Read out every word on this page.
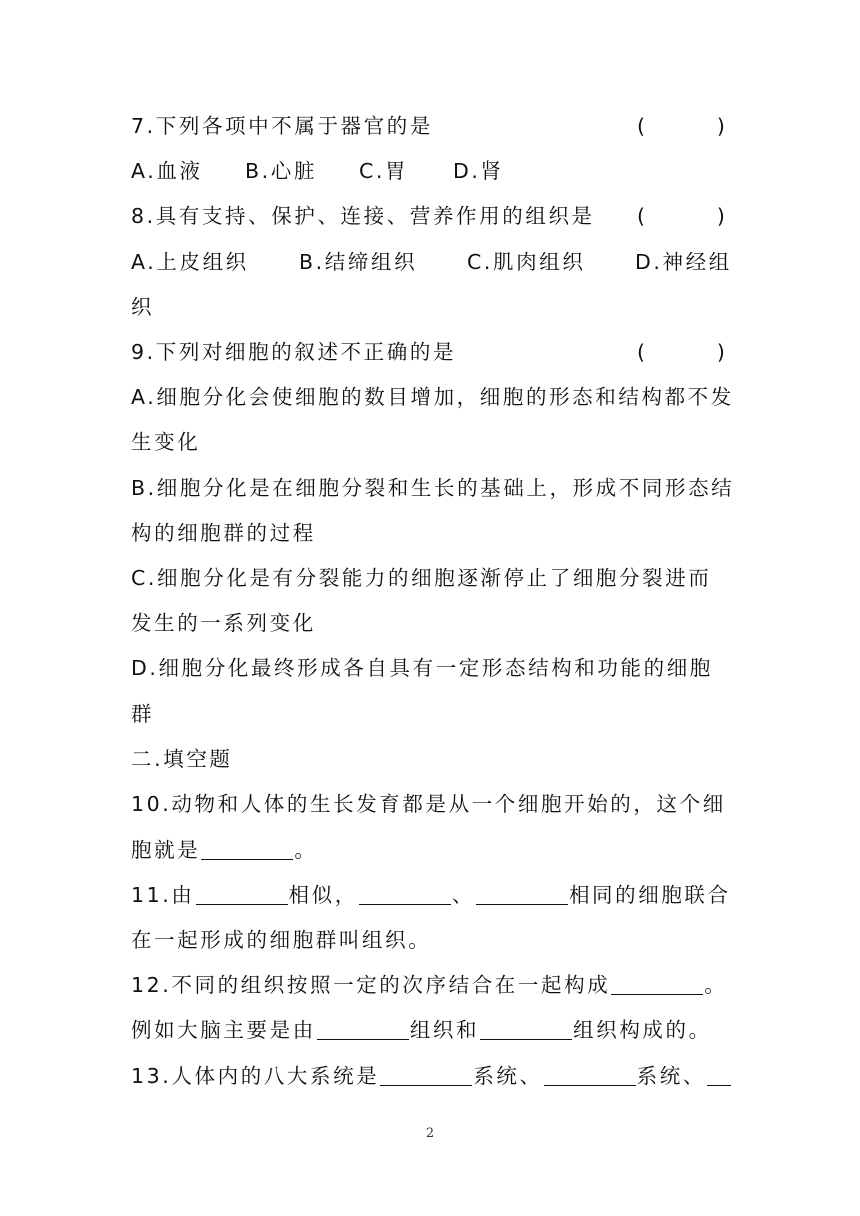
7.下列各项中不属于器官的是	(　　　)
A.血液 B.心脏 C.胃 D.肾
8.具有支持、保护、连接、营养作用的组织是 (　　　)
A.上皮组织 B.结缔组织 C.肌肉组织 D.神经组
织
9.下列对细胞的叙述不正确的是	(　　　)
A.细胞分化会使细胞的数目增加，细胞的形态和结构都不发
生变化
B.细胞分化是在细胞分裂和生长的基础上，形成不同形态结
构的细胞群的过程
C.细胞分化是有分裂能力的细胞逐渐停止了细胞分裂进而
发生的一系列变化
D.细胞分化最终形成各自具有一定形态结构和功能的细胞
群
二.填空题
10.动物和人体的生长发育都是从一个细胞开始的，这个细
胞就是	。
11.由	相似，	、	相同的细胞联合
在一起形成的细胞群叫组织。
12.不同的组织按照一定的次序结合在一起构成	。
例如大脑主要是由	组织和	组织构成的。
13.人体内的八大系统是	系统、	系统、
2
